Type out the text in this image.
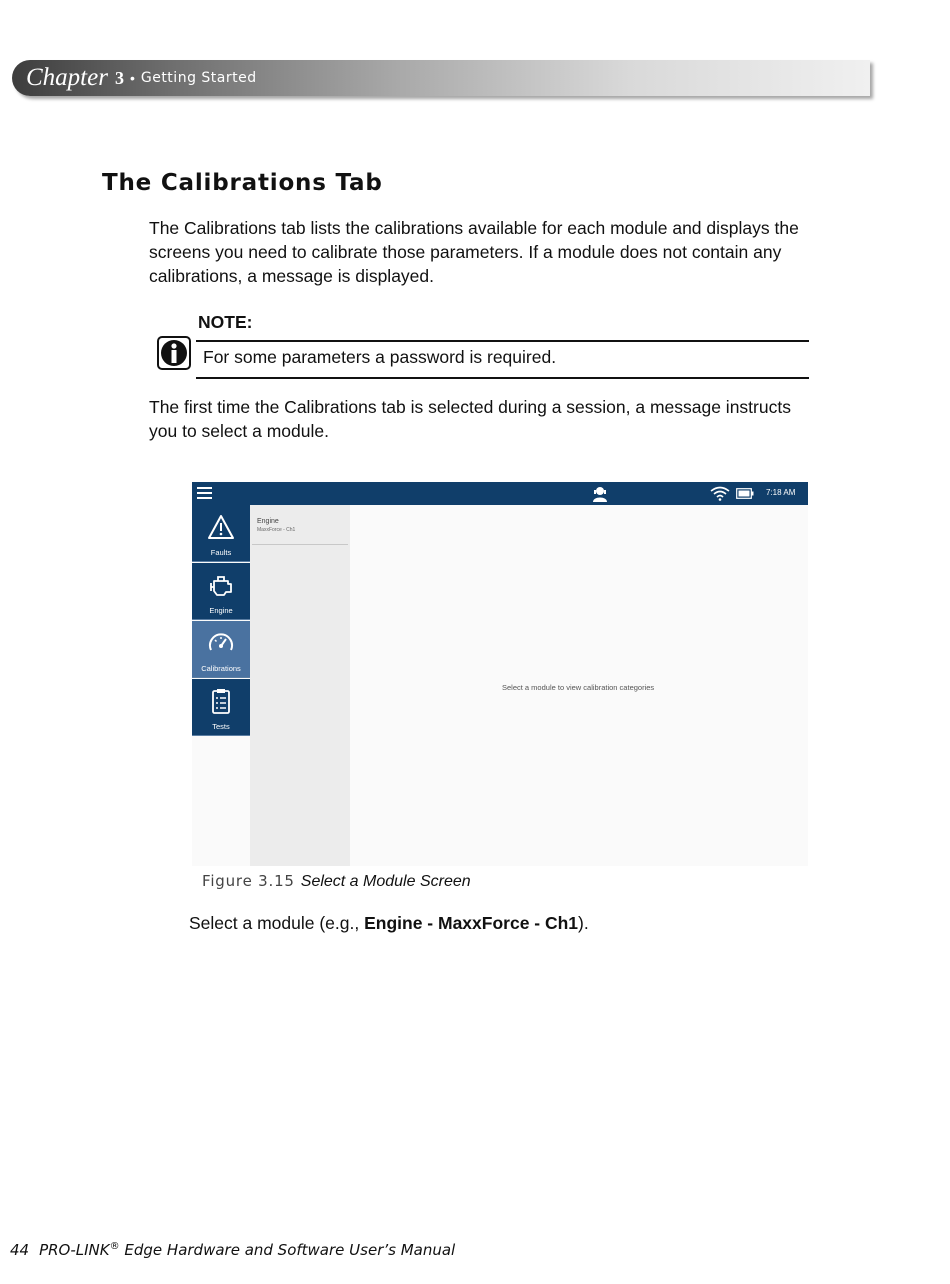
Chapter 3 • Getting Started
The Calibrations Tab

The Calibrations tab lists the calibrations available for each module and displays the screens you need to calibrate those parameters. If a module does not contain any calibrations, a message is displayed.

NOTE:
For some parameters a password is required.

The first time the Calibrations tab is selected during a session, a message instructs you to select a module.

7:18 AM
Faults
Engine
Calibrations
Tests
Engine
MaxxForce - Ch1
Select a module to view calibration categories
Figure 3.15 Select a Module Screen

Select a module (e.g., Engine - MaxxForce - Ch1).

44 PRO-LINK® Edge Hardware and Software User’s Manual
